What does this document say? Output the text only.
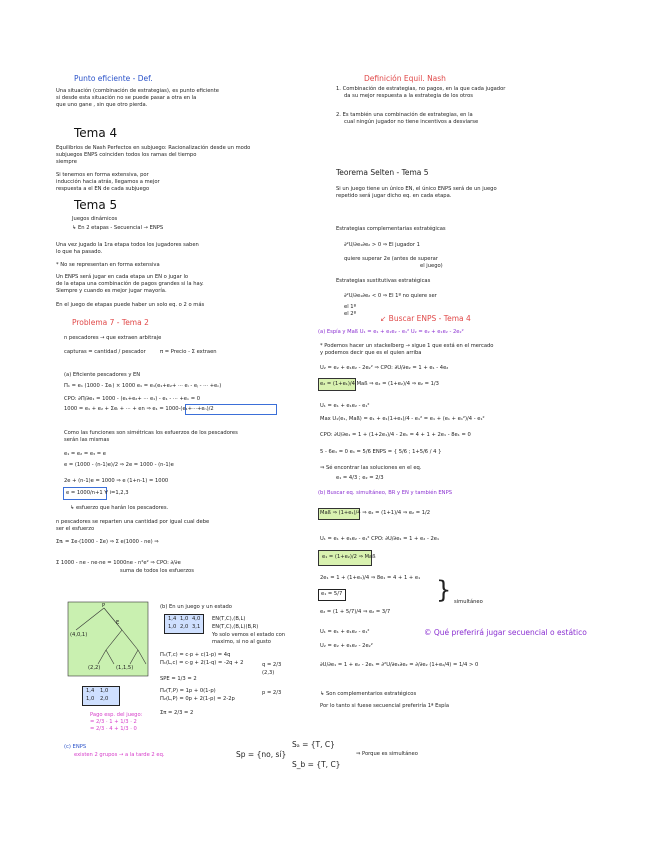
Punto eficiente - Def.
Una situación (combinación de estrategias), es punto eficiente
si desde esta situación no se puede pasar a otra en la
que uno gane , sin que otro pierda.
Tema 4
Equilibrios de Nash Perfectos en subjuego: Racionalización desde un modo
subjuegos ENPS coinciden todos los ramas del tiempo
siempre
Si tenemos en forma extensiva, por
inducción hacia atrás, llegamos a mejor
respuesta a el EN de cada subjuego
Tema 5
Juegos dinámicos
↳ En 2 etapas - Secuencial → ENPS
Una vez jugado la 1ra etapa todos los jugadores saben
lo que ha pasado.
* No se representan en forma extensiva
Un ENPS será jugar en cada etapa un EN o jugar lo
de la etapa una combinación de pagos grandes si la hay.
Siempre y cuando es mejor jugar mayoría.
En el juego de etapas puede haber un solo eq. o 2 o más
Problema 7 - Tema 2
n pescadores → que extraen arbitraje
capturas = cantidad / pescador	π = Precio - Σ extraen
(a) Eficiente pescadores y EN
Π₁ = e₁ (1000 - Σeᵢ) × 1000 e₁ = e₁(e₁+e₂+ ··· eᵢ - eⱼ - ··· +eₙ)
CPO: ∂Π/∂e₁ = 1000 - (e₁+e₂+ ··· e₁) - e₁ - ··· +eₙ = 0
1000 = e₁ + e₂ + Σeᵢ + ··· + en ⇒ e₁ = 1000-(e₁+···+eₙ)/2
Como las funciones son simétricas los esfuerzos de los pescadores
serán las mismas
e₁ = e₂ = e₃ = e
e = (1000 - (n-1)e)/2 ⇒ 2e = 1000 - (n-1)e
2e + (n-1)e = 1000 ⇒ e (1+n-1) = 1000
e = 1000/n+1 ∀ i=1,2,3
↳ esfuerzo que harán los pescadores.
n pescadores se reparten una cantidad por igual cual debe
ser el esfuerzo
Σπᵢ = Σe·(1000 - Σe) ⇒ Σ e(1000 - ne) ⇒
Σ 1000 - ne - ne·ne = 1000ne - n²e² ⇒ CPO: ∂/∂e
suma de todos los esfuerzos
P
(4,0,1)
E
(2,2)	(1,1,5)
(b) En un juego y un estado
1,4 1,0 4,0
1,0 2,0 3,1
EN(T,C),(B,L)
EN(T,C),(B,L)(B,R)
Yo solo vemos el estado con
maximo, si no al gusto
Π₁(T,c) = c·p + c(1-p) = 4q
Π₁(L,c) = c·g + 2(1-q) = -2q + 2	q = 2/3
(2,3)
SPE = 1/3 = 2
1,4 1,0
1,0 2,0
Π₂(T,P) = 1p + 0(1-p)
Π₂(L,P) = 0p + 2(1-p) = 2-2p
p = 2/3
Σπ = 2/3 = 2
Pago esp. del juego:
= 2/3 · 1 + 1/3 · 2
= 2/3 · 4 + 1/3 · 0
(c) ENPS
existen 2 grupos → a la tarde 2 eq.	Sp = {no, sí}
Sₐ = {T, C}
S_b = {T, C}
⇒ Porque es simultáneo
Definición Equil. Nash
1. Combinación de estrategias, no pagos, en la que cada jugador
da su mejor respuesta a la estrategia de los otros
2. Es también una combinación de estrategias, en la
cual ningún jugador no tiene incentivos a desviarse
Teorema Selten - Tema 5
Si un juego tiene un único EN, el único ENPS será de un juego
repetido será jugar dicho eq. en cada etapa.
Estrategias complementarias estratégicas
∂²U/∂e₁∂e₂ > 0 ⇒ El jugador 1
quiere superar 2e (antes de superar
el juego)
Estrategias sustitutivas estratégicas
∂²U/∂e₁∂e₂ < 0 ⇒ El 1º no quiere ser
el 1º
el 2º	↙ Buscar ENPS - Tema 4
(a) Espía y Maß U₁ = e₁ + e₁e₂ - e₁² U₂ = e₂ + e₁e₂ - 2e₂²
* Podemos hacer un stackelberg → sigue 1 que está en el mercado
y podemos decir que es el quien arriba
U₂ = e₂ + e₁e₂ - 2e₂² ⇒ CPO: ∂U/∂e₂ = 1 + e₁ - 4e₂
e₂ = (1+e₁)/4 Maß ⇒ e₂ = (1+e₂)/4 ⇒ e₂ = 1/3
U₁ = e₁ + e₁e₂ - e₁²
Max U₁(e₁, Maß) = e₁ + e₁(1+e₁)/4 - e₁² = e₁ + (e₁ + e₁²)/4 - e₁²
CPO: ∂U/∂e₁ = 1 + (1+2e₁)/4 - 2e₁ = 4 + 1 + 2e₁ - 8e₁ = 0
5 - 6e₁ = 0 e₁ = 5/6 ENPS = { 5/6 ; 1+5/6 / 4 }
⇒ Sé encontrar las soluciones en el eq.
e₁ = 4/3 ; e₂ = 2/3
(b) Buscar eq. simultáneo, BR y EN y también ENPS
Maß ⇒ (1+e₁)/4 ⇒ e₂ = (1+1)/4 ⇒ e₂ = 1/2
U₁ = e₁ + e₁e₂ - e₁² CPO: ∂U/∂e₁ = 1 + e₂ - 2e₁
e₁ = (1+e₂)/2 ⇒ Maß
2e₁ = 1 + (1+e₁)/4 ⇒ 8e₁ = 4 + 1 + e₁
e₁ = 5/7
e₂ = (1 + 5/7)/4 ⇒ e₂ = 3/7
U₁ = e₁ + e₁e₂ - e₁²
U₂ = e₂ + e₁e₂ - 2e₂²
} simultáneo
© Qué preferirá jugar secuencial o estático
∂U/∂e₁ = 1 + e₂ - 2e₁ = ∂²U/∂e₁∂e₂ = ∂/∂e₂ (1+e₂/4) = 1/4 > 0
↳ Son complementarios estratégicos
Por lo tanto si fuese secuencial preferiría 1ª Espía
